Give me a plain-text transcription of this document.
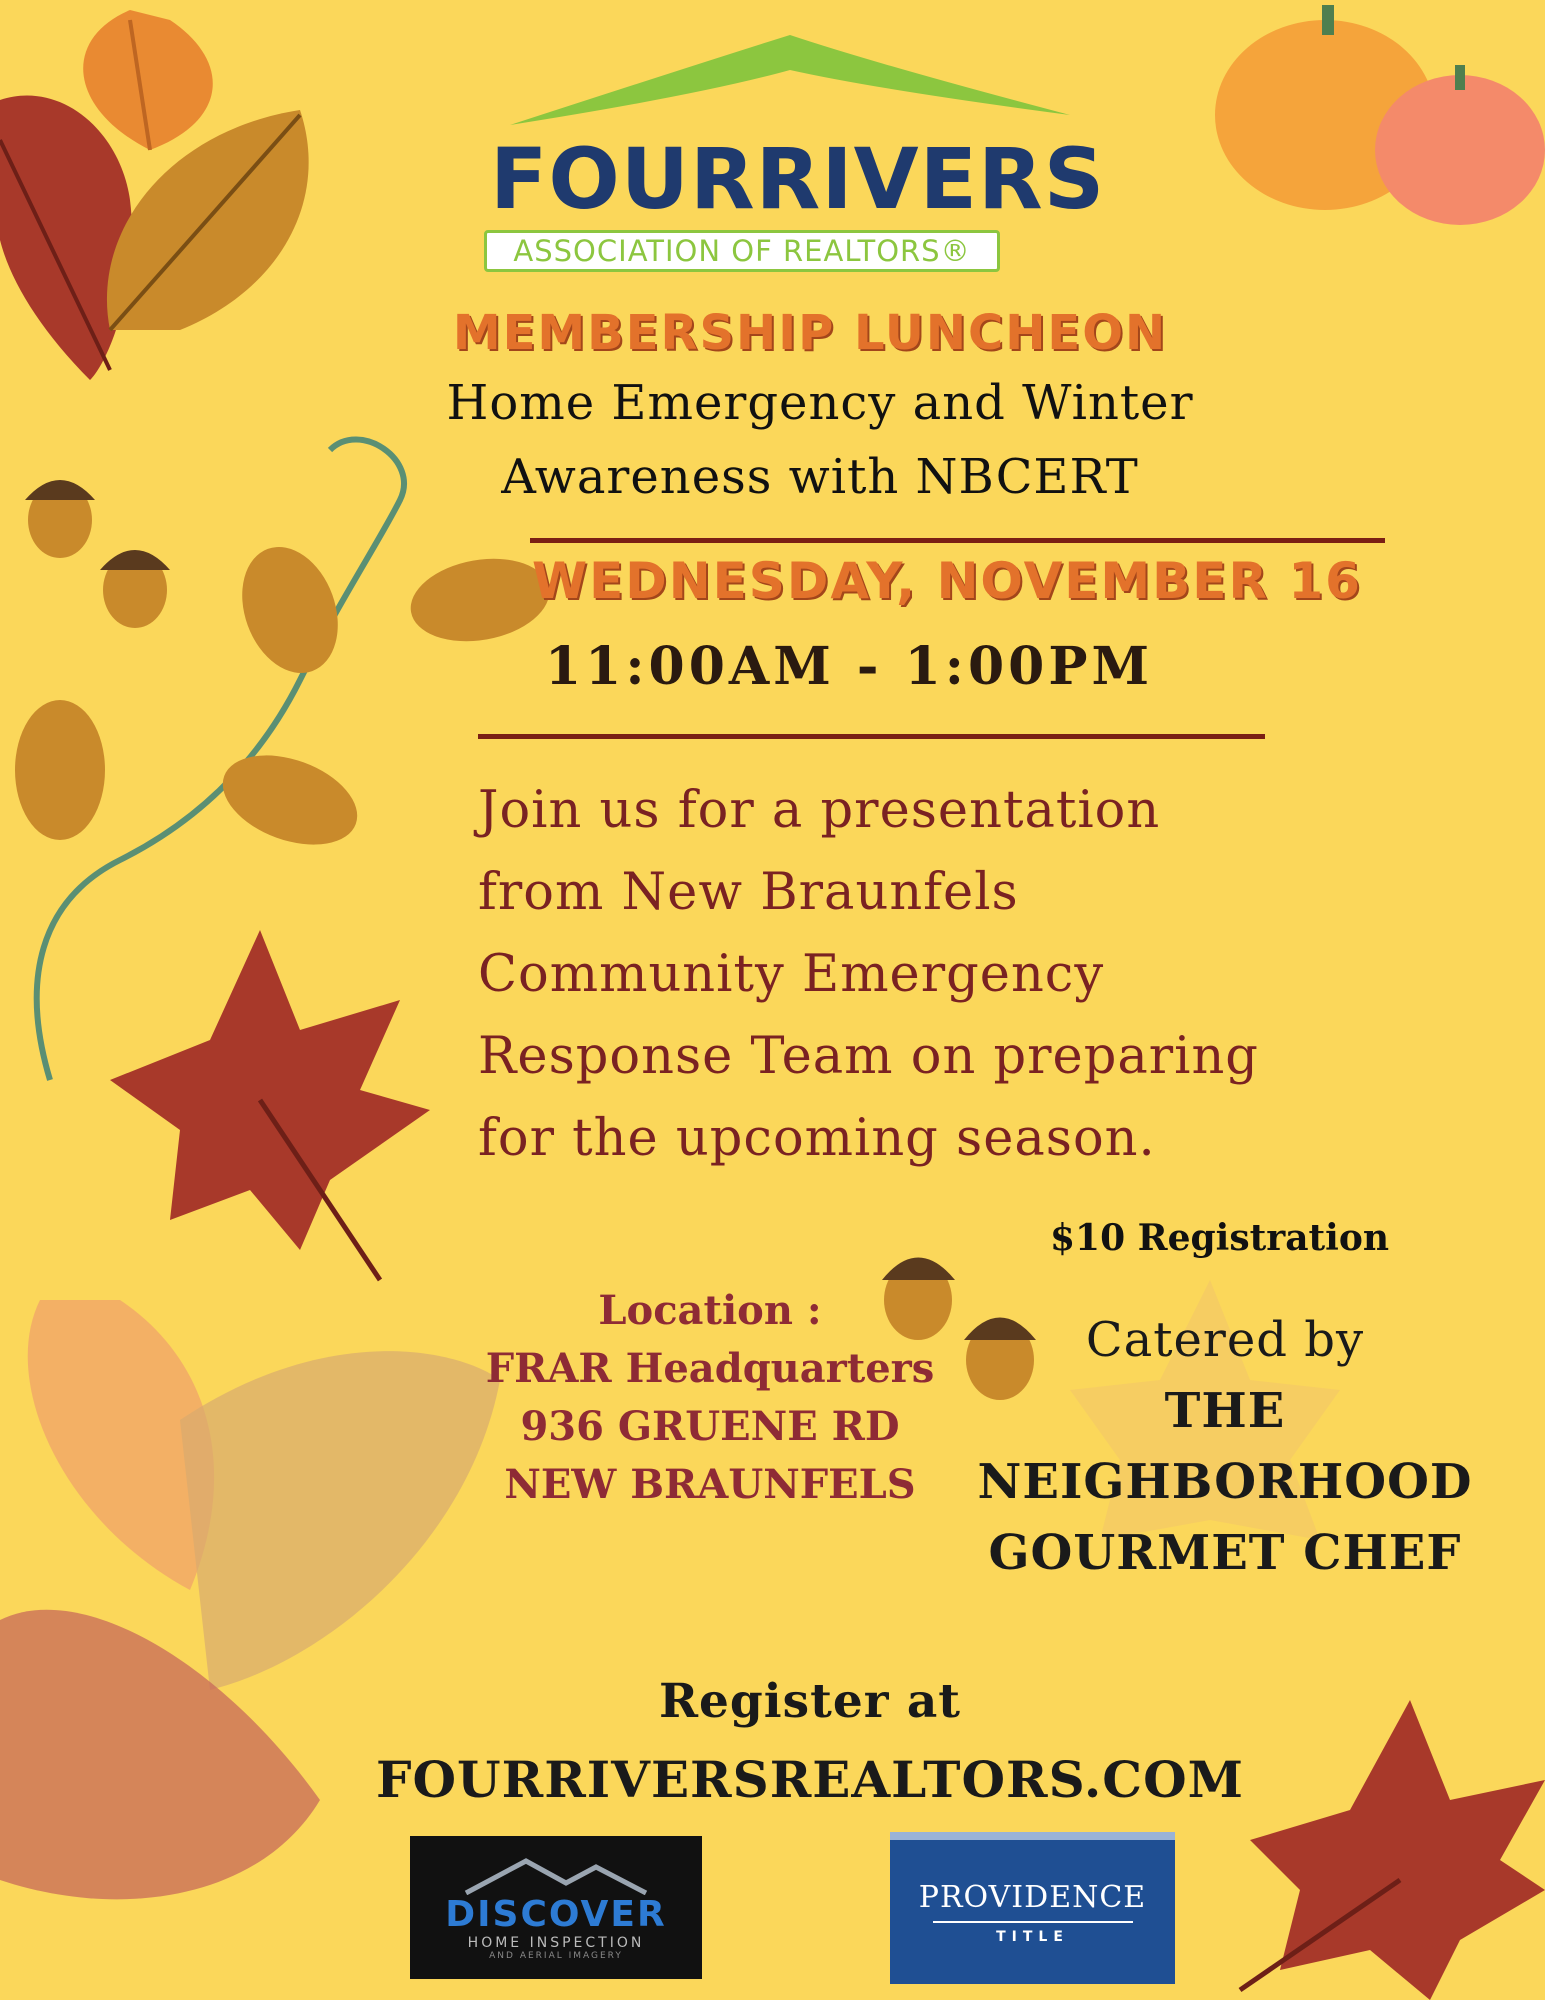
FOURRIVERS
ASSOCIATION OF REALTORS®
MEMBERSHIP LUNCHEON
Home Emergency and Winter
Awareness with NBCERT
WEDNESDAY, NOVEMBER 16
11:00AM - 1:00PM
Join us for a presentation
from New Braunfels
Community Emergency
Response Team on preparing
for the upcoming season.
$10 Registration
Location :
FRAR Headquarters
936 GRUENE RD
NEW BRAUNFELS
Catered by
THE
NEIGHBORHOOD
GOURMET CHEF
Register at
FOURRIVERSREALTORS.COM
DISCOVER
HOME INSPECTION
AND AERIAL IMAGERY
PROVIDENCE
TITLE
